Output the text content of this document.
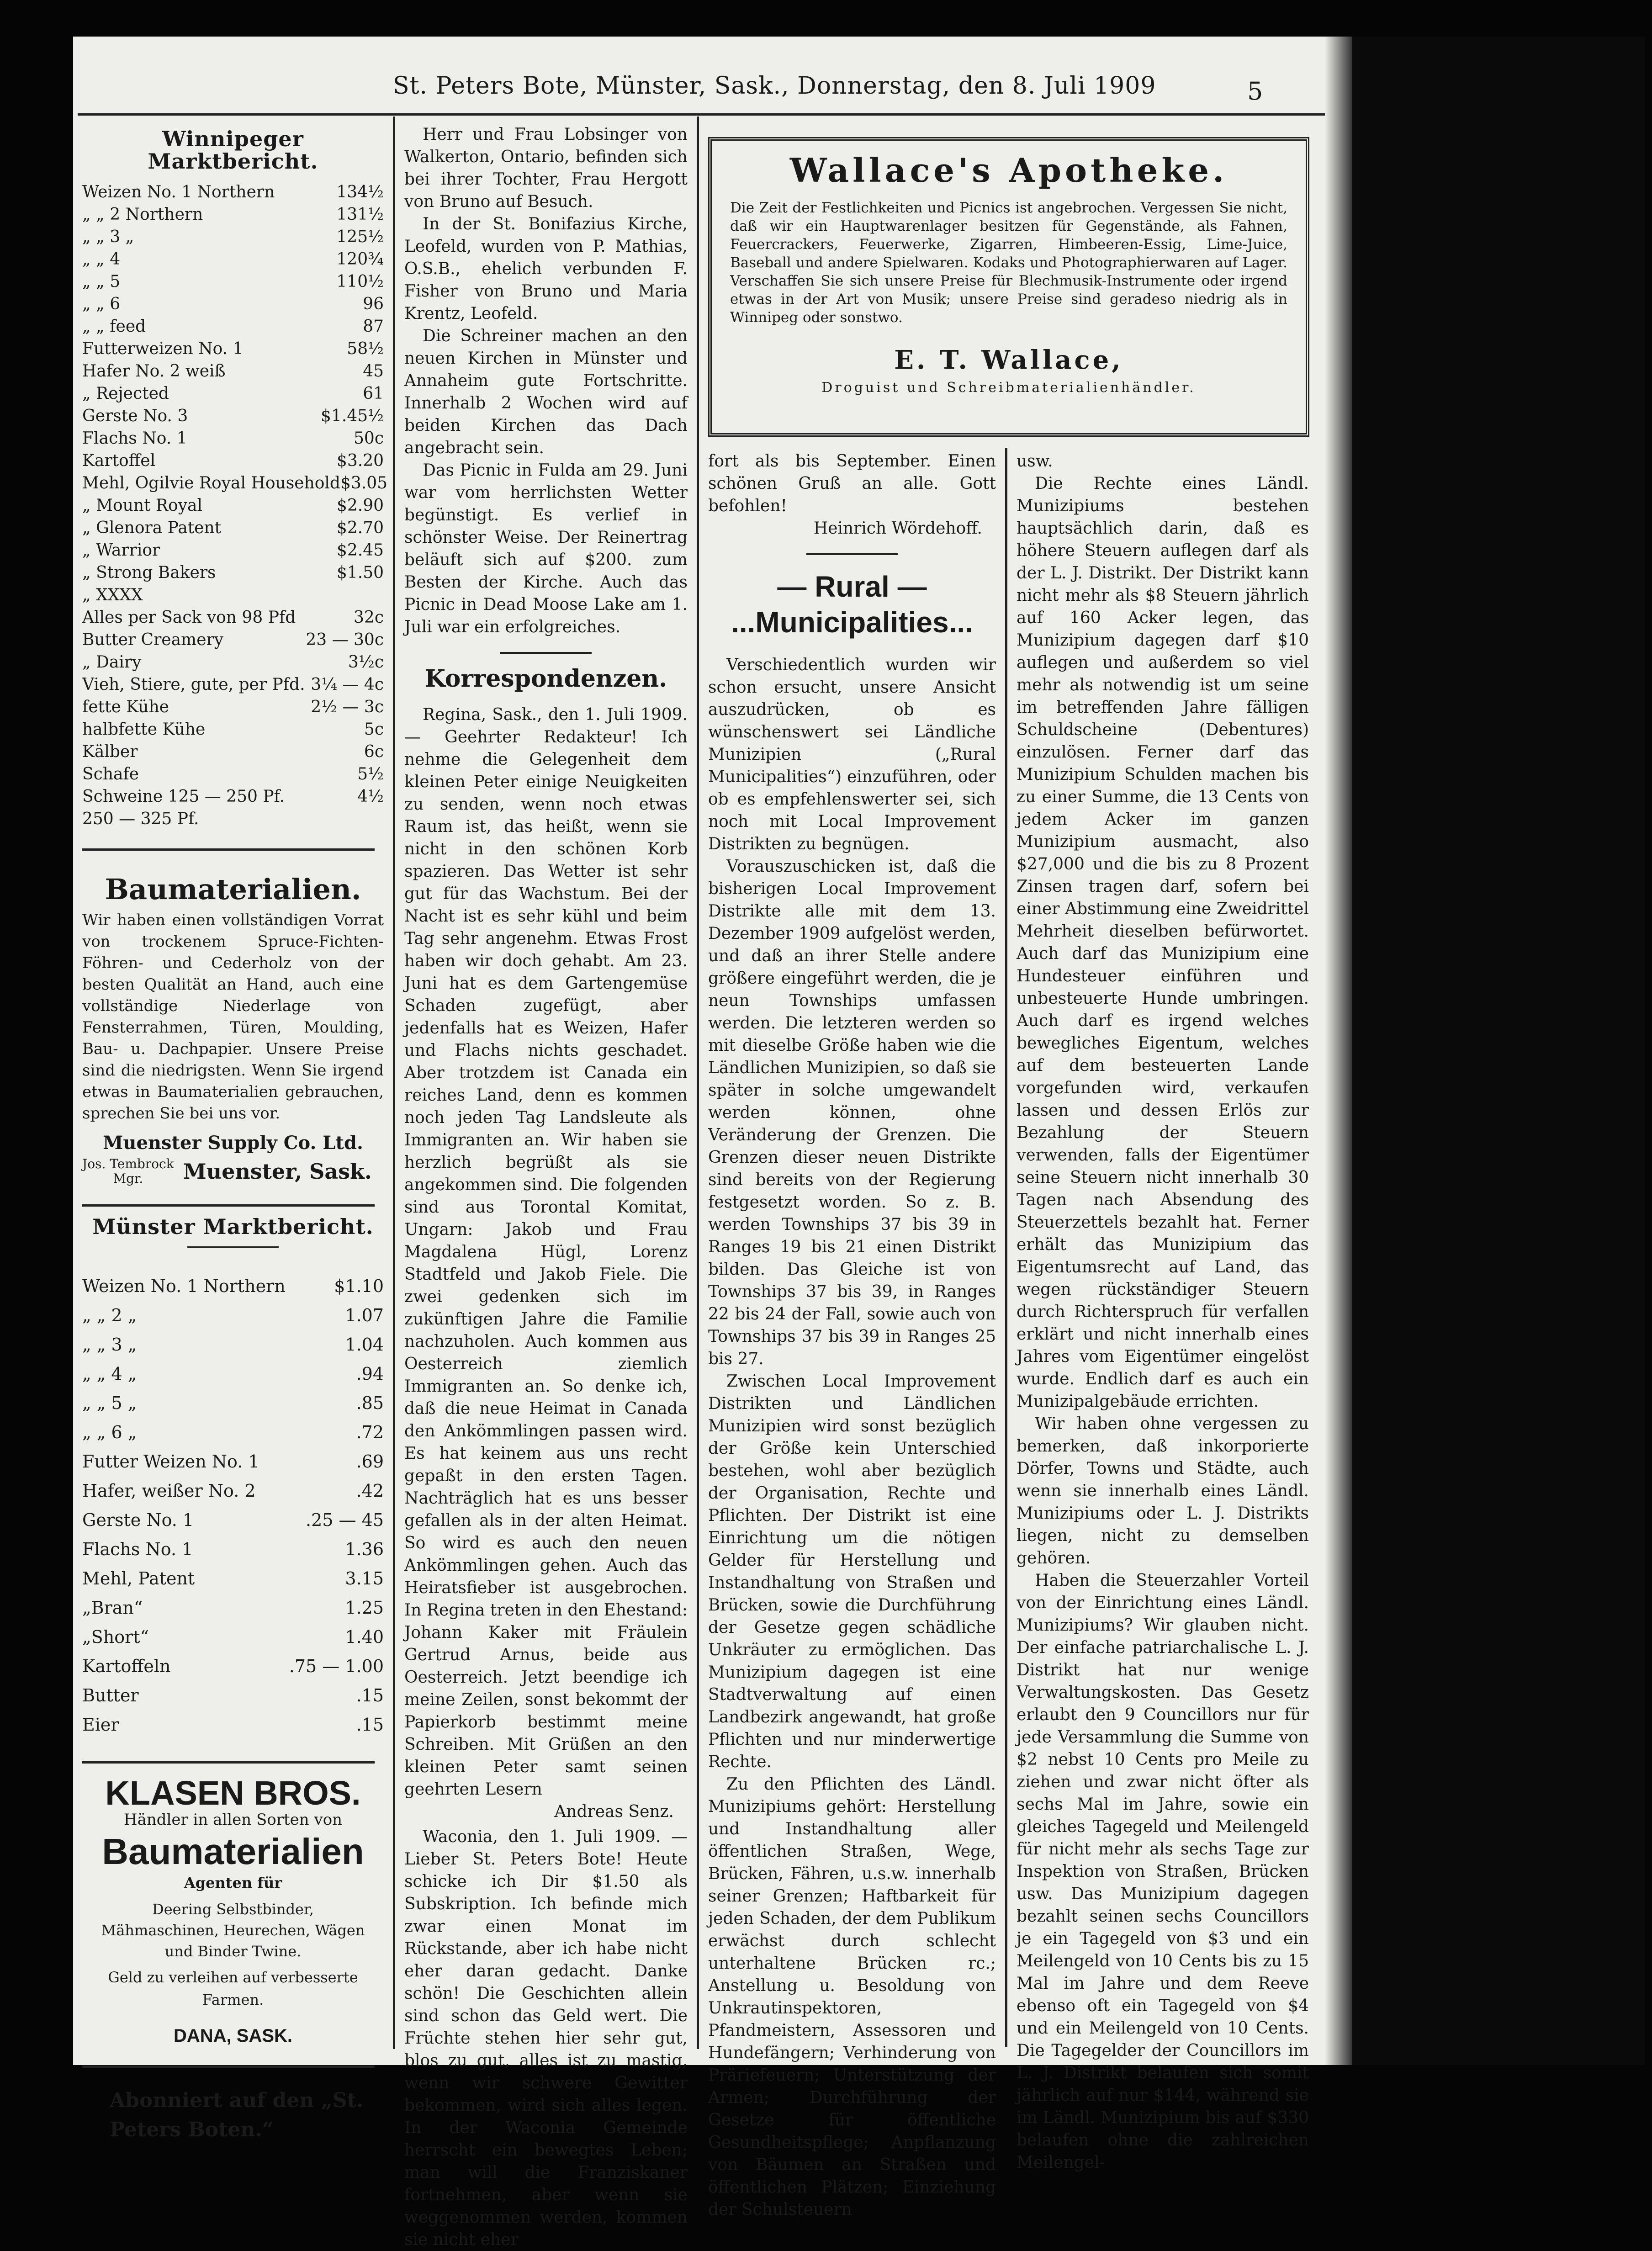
St. Peters Bote, Münster, Sask., Donnerstag, den 8. Juli 1909	5
Winnipeger Marktbericht.
Weizen No. 1 Northern	134½
„ „ 2 Northern	131½
„ „ 3 „	125½
„ „ 4	120¾
„ „ 5	110½
„ „ 6	96
„ „ feed	87
Futterweizen No. 1	58½
Hafer No. 2 weiß	45
„ Rejected	61
Gerste No. 3	$1.45½
Flachs No. 1	50c
Kartoffel	$3.20
Mehl, Ogilvie Royal Household $3.05
„ Mount Royal	$2.90
„ Glenora Patent	$2.70
„ Warrior	$2.45
„ Strong Bakers	$1.50
„ XXXX
Alles per Sack von 98 Pfd	32c
Butter Creamery	23 — 30c
„ Dairy	3½c
Vieh, Stiere, gute, per Pfd. 3¼ — 4c
fette Kühe	2½ — 3c
halbfette Kühe	5c
Kälber	6c
Schafe	5½
Schweine 125 — 250 Pf.	4½
250 — 325 Pf.
Baumaterialien.

Wir haben einen vollständigen Vorrat von trockenem Spruce-Fichten-Föhren- und Cederholz von der besten Qualität an Hand, auch eine vollständige Niederlage von Fensterrahmen, Türen, Moulding, Bau- u. Dachpapier. Unsere Preise sind die niedrigsten. Wenn Sie irgend etwas in Baumaterialien gebrauchen, sprechen Sie bei uns vor.

Muenster Supply Co. Ltd.
Jos. Tembrock
Mgr.	Muenster, Sask.
Münster Marktbericht.
Weizen No. 1 Northern	$1.10
„ „ 2 „	1.07
„ „ 3 „	1.04
„ „ 4 „	.94
„ „ 5 „	.85
„ „ 6 „	.72
Futter Weizen No. 1	.69
Hafer, weißer No. 2	.42
Gerste No. 1	.25 — 45
Flachs No. 1	1.36
Mehl, Patent	3.15
„Bran“	1.25
„Short“	1.40
Kartoffeln	.75 — 1.00
Butter	.15
Eier	.15
KLASEN BROS.
Händler in allen Sorten von
Baumaterialien
Agenten für
Deering Selbstbinder, Mähmaschinen, Heurechen, Wägen und Binder Twine.
Geld zu verleihen auf verbesserte Farmen.
DANA, SASK.
Abonniert auf den „St. Peters Boten.“

Herr und Frau Lobsinger von Walkerton, Ontario, befinden sich bei ihrer Tochter, Frau Hergott von Bruno auf Besuch.

In der St. Bonifazius Kirche, Leofeld, wurden von P. Mathias, O.S.B., ehelich verbunden F. Fisher von Bruno und Maria Krentz, Leofeld.

Die Schreiner machen an den neuen Kirchen in Münster und Annaheim gute Fortschritte. Innerhalb 2 Wochen wird auf beiden Kirchen das Dach angebracht sein.

Das Picnic in Fulda am 29. Juni war vom herrlichsten Wetter begünstigt. Es verlief in schönster Weise. Der Reinertrag beläuft sich auf $200. zum Besten der Kirche. Auch das Picnic in Dead Moose Lake am 1. Juli war ein erfolgreiches.

Korrespondenzen.

Regina, Sask., den 1. Juli 1909. — Geehrter Redakteur! Ich nehme die Gelegenheit dem kleinen Peter einige Neuigkeiten zu senden, wenn noch etwas Raum ist, das heißt, wenn sie nicht in den schönen Korb spazieren. Das Wetter ist sehr gut für das Wachstum. Bei der Nacht ist es sehr kühl und beim Tag sehr angenehm. Etwas Frost haben wir doch gehabt. Am 23. Juni hat es dem Gartengemüse Schaden zugefügt, aber jedenfalls hat es Weizen, Hafer und Flachs nichts geschadet. Aber trotzdem ist Canada ein reiches Land, denn es kommen noch jeden Tag Landsleute als Immigranten an. Wir haben sie herzlich begrüßt als sie angekommen sind. Die folgenden sind aus Torontal Komitat, Ungarn: Jakob und Frau Magdalena Hügl, Lorenz Stadtfeld und Jakob Fiele. Die zwei gedenken sich im zukünftigen Jahre die Familie nachzuholen. Auch kommen aus Oesterreich ziemlich Immigranten an. So denke ich, daß die neue Heimat in Canada den Ankömmlingen passen wird. Es hat keinem aus uns recht gepaßt in den ersten Tagen. Nachträglich hat es uns besser gefallen als in der alten Heimat. So wird es auch den neuen Ankömmlingen gehen. Auch das Heiratsfieber ist ausgebrochen. In Regina treten in den Ehestand: Johann Kaker mit Fräulein Gertrud Arnus, beide aus Oesterreich. Jetzt beendige ich meine Zeilen, sonst bekommt der Papierkorb bestimmt meine Schreiben. Mit Grüßen an den kleinen Peter samt seinen geehrten Lesern

Andreas Senz.

Waconia, den 1. Juli 1909. — Lieber St. Peters Bote! Heute schicke ich Dir $1.50 als Subskription. Ich befinde mich zwar einen Monat im Rückstande, aber ich habe nicht eher daran gedacht. Danke schön! Die Geschichten allein sind schon das Geld wert. Die Früchte stehen hier sehr gut, blos zu gut, alles ist zu mastig, wenn wir schwere Gewitter bekommen, wird sich alles legen. In der Waconia Gemeinde herrscht ein bewegtes Leben; man will die Franziskaner fortnehmen, aber wenn sie weggenommen werden, kommen sie nicht eher

Wallace's Apotheke.

Die Zeit der Festlichkeiten und Picnics ist angebrochen. Vergessen Sie nicht, daß wir ein Hauptwarenlager besitzen für Gegenstände, als Fahnen, Feuercrackers, Feuerwerke, Zigarren, Himbeeren-Essig, Lime-Juice, Baseball und andere Spielwaren. Kodaks und Photographierwaren auf Lager. Verschaffen Sie sich unsere Preise für Blechmusik-Instrumente oder irgend etwas in der Art von Musik; unsere Preise sind geradeso niedrig als in Winnipeg oder sonstwo.

E. T. Wallace,
Droguist und Schreibmaterialienhändler.

fort als bis September. Einen schönen Gruß an alle. Gott befohlen!

Heinrich Wördehoff.
— Rural —
...Municipalities...

Verschiedentlich wurden wir schon ersucht, unsere Ansicht auszudrücken, ob es wünschenswert sei Ländliche Munizipien („Rural Municipalities“) einzuführen, oder ob es empfehlenswerter sei, sich noch mit Local Improvement Distrikten zu begnügen.

Vorauszuschicken ist, daß die bisherigen Local Improvement Distrikte alle mit dem 13. Dezember 1909 aufgelöst werden, und daß an ihrer Stelle andere größere eingeführt werden, die je neun Townships umfassen werden. Die letzteren werden so mit dieselbe Größe haben wie die Ländlichen Munizipien, so daß sie später in solche umgewandelt werden können, ohne Veränderung der Grenzen. Die Grenzen dieser neuen Distrikte sind bereits von der Regierung festgesetzt worden. So z. B. werden Townships 37 bis 39 in Ranges 19 bis 21 einen Distrikt bilden. Das Gleiche ist von Townships 37 bis 39, in Ranges 22 bis 24 der Fall, sowie auch von Townships 37 bis 39 in Ranges 25 bis 27.

Zwischen Local Improvement Distrikten und Ländlichen Munizipien wird sonst bezüglich der Größe kein Unterschied bestehen, wohl aber bezüglich der Organisation, Rechte und Pflichten. Der Distrikt ist eine Einrichtung um die nötigen Gelder für Herstellung und Instandhaltung von Straßen und Brücken, sowie die Durchführung der Gesetze gegen schädliche Unkräuter zu ermöglichen. Das Munizipium dagegen ist eine Stadtverwaltung auf einen Landbezirk angewandt, hat große Pflichten und nur minderwertige Rechte.

Zu den Pflichten des Ländl. Munizipiums gehört: Herstellung und Instandhaltung aller öffentlichen Straßen, Wege, Brücken, Fähren, u.s.w. innerhalb seiner Grenzen; Haftbarkeit für jeden Schaden, der dem Publikum erwächst durch schlecht unterhaltene Brücken rc.; Anstellung u. Besoldung von Unkrautinspektoren, Pfandmeistern, Assessoren und Hundefängern; Verhinderung von Präriefeuern; Unterstützung der Armen; Durchführung der Gesetze für öffentliche Gesundheitspflege; Anpflanzung von Bäumen an Straßen und öffentlichen Plätzen; Einziehung der Schulsteuern

usw.

Die Rechte eines Ländl. Munizipiums bestehen hauptsächlich darin, daß es höhere Steuern auflegen darf als der L. J. Distrikt. Der Distrikt kann nicht mehr als $8 Steuern jährlich auf 160 Acker legen, das Munizipium dagegen darf $10 auflegen und außerdem so viel mehr als notwendig ist um seine im betreffenden Jahre fälligen Schuldscheine (Debentures) einzulösen. Ferner darf das Munizipium Schulden machen bis zu einer Summe, die 13 Cents von jedem Acker im ganzen Munizipium ausmacht, also $27,000 und die bis zu 8 Prozent Zinsen tragen darf, sofern bei einer Abstimmung eine Zweidrittel Mehrheit dieselben befürwortet. Auch darf das Munizipium eine Hundesteuer einführen und unbesteuerte Hunde umbringen. Auch darf es irgend welches bewegliches Eigentum, welches auf dem besteuerten Lande vorgefunden wird, verkaufen lassen und dessen Erlös zur Bezahlung der Steuern verwenden, falls der Eigentümer seine Steuern nicht innerhalb 30 Tagen nach Absendung des Steuerzettels bezahlt hat. Ferner erhält das Munizipium das Eigentumsrecht auf Land, das wegen rückständiger Steuern durch Richterspruch für verfallen erklärt und nicht innerhalb eines Jahres vom Eigentümer eingelöst wurde. Endlich darf es auch ein Munizipalgebäude errichten.

Wir haben ohne vergessen zu bemerken, daß inkorporierte Dörfer, Towns und Städte, auch wenn sie innerhalb eines Ländl. Munizipiums oder L. J. Distrikts liegen, nicht zu demselben gehören.

Haben die Steuerzahler Vorteil von der Einrichtung eines Ländl. Munizipiums? Wir glauben nicht. Der einfache patriarchalische L. J. Distrikt hat nur wenige Verwaltungskosten. Das Gesetz erlaubt den 9 Councillors nur für jede Versammlung die Summe von $2 nebst 10 Cents pro Meile zu ziehen und zwar nicht öfter als sechs Mal im Jahre, sowie ein gleiches Tagegeld und Meilengeld für nicht mehr als sechs Tage zur Inspektion von Straßen, Brücken usw. Das Munizipium dagegen bezahlt seinen sechs Councillors je ein Tagegeld von $3 und ein Meilengeld von 10 Cents bis zu 15 Mal im Jahre und dem Reeve ebenso oft ein Tagegeld von $4 und ein Meilengeld von 10 Cents. Die Tagegelder der Councillors im L. J. Distrikt belaufen sich somit jährlich auf nur $144, während sie im Ländl. Munizipium bis auf $330 belaufen ohne die zahlreichen Meilengel-
